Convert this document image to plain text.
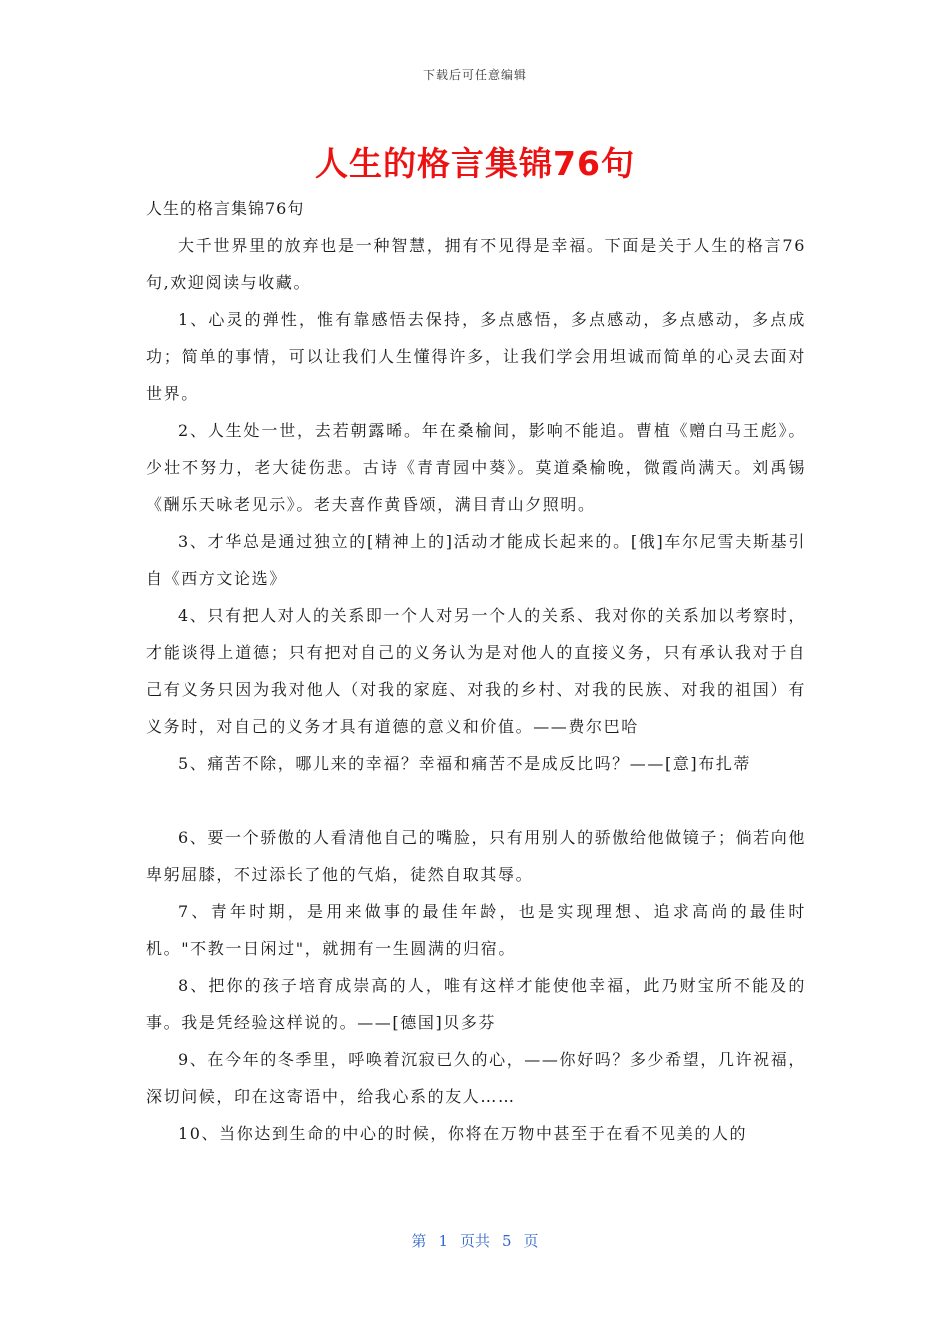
下载后可任意编辑
人生的格言集锦76句

人生的格言集锦76句

大千世界里的放弃也是一种智慧，拥有不见得是幸福。下面是关于人生的格言76句,欢迎阅读与收藏。

1、心灵的弹性，惟有靠感悟去保持，多点感悟，多点感动，多点感动，多点成功；简单的事情，可以让我们人生懂得许多，让我们学会用坦诚而简单的心灵去面对世界。

2、人生处一世，去若朝露晞。年在桑榆间，影响不能追。曹植《赠白马王彪》。少壮不努力，老大徒伤悲。古诗《青青园中葵》。莫道桑榆晚，微霞尚满天。刘禹锡《酬乐天咏老见示》。老夫喜作黄昏颂，满目青山夕照明。

3、才华总是通过独立的[精神上的]活动才能成长起来的。[俄]车尔尼雪夫斯基引自《西方文论选》

4、只有把人对人的关系即一个人对另一个人的关系、我对你的关系加以考察时，才能谈得上道德；只有把对自己的义务认为是对他人的直接义务，只有承认我对于自己有义务只因为我对他人（对我的家庭、对我的乡村、对我的民族、对我的祖国）有义务时，对自己的义务才具有道德的意义和价值。——费尔巴哈

5、痛苦不除，哪儿来的幸福？幸福和痛苦不是成反比吗？——[意]布扎蒂

6、要一个骄傲的人看清他自己的嘴脸，只有用别人的骄傲给他做镜子；倘若向他卑躬屈膝，不过添长了他的气焰，徒然自取其辱。

7、青年时期，是用来做事的最佳年龄，也是实现理想、追求高尚的最佳时机。"不教一日闲过"，就拥有一生圆满的归宿。

8、把你的孩子培育成崇高的人，唯有这样才能使他幸福，此乃财宝所不能及的事。我是凭经验这样说的。——[德国]贝多芬

9、在今年的冬季里，呼唤着沉寂已久的心，——你好吗？多少希望，几许祝福，深切问候，印在这寄语中，给我心系的友人……

10、当你达到生命的中心的时候，你将在万物中甚至于在看不见美的人的

第 1 页共 5 页
